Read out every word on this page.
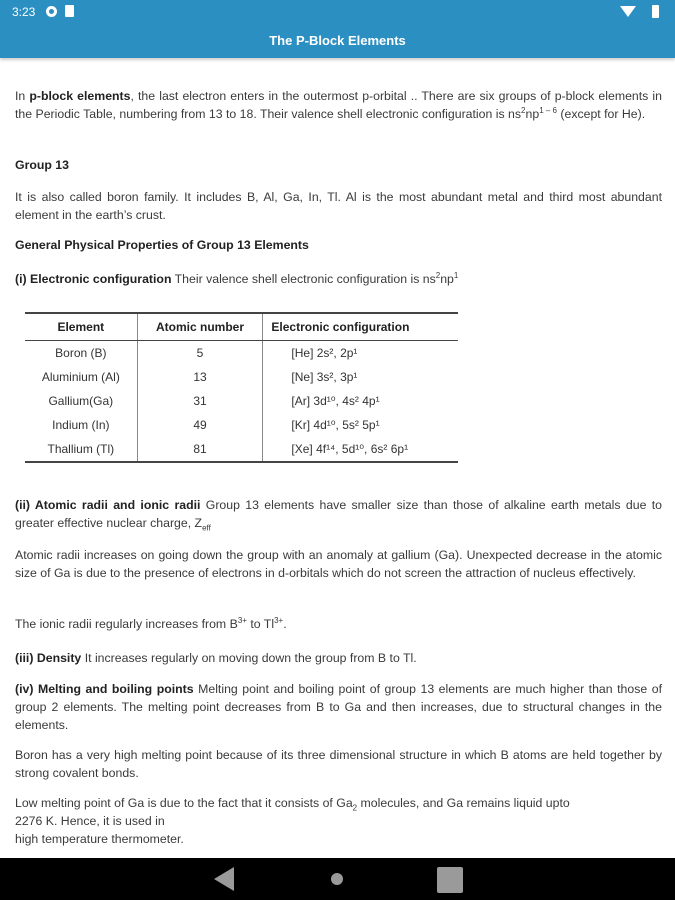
3:23
The P-Block Elements

In p-block elements, the last electron enters in the outermost p-orbital .. There are six groups of p-block elements in the Periodic Table, numbering from 13 to 18. Their valence shell electronic configuration is $ns^2np^{1 - 6}$ (except for He).

Group 13

It is also called boron family. It includes B, Al, Ga, In, Tl. Al is the most abundant metal and third most abundant element in the earth’s crust.

General Physical Properties of Group 13 Elements

(i) Electronic configuration Their valence shell electronic configuration is $ns^2np^1$

Element	Atomic number	Electronic configuration
Boron (B)	5	[He] 2s², 2p¹
Aluminium (Al)	13	[Ne] 3s², 3p¹
Gallium(Ga)	31	[Ar] 3d¹⁰, 4s² 4p¹
Indium (In)	49	[Kr] 4d¹⁰, 5s² 5p¹
Thallium (Tl)	81	[Xe] 4f¹⁴, 5d¹⁰, 6s² 6p¹

(ii) Atomic radii and ionic radii Group 13 elements have smaller size than those of alkaline earth metals due to greater effective nuclear charge, $Z_{eff}$

Atomic radii increases on going down the group with an anomaly at gallium (Ga). Unexpected decrease in the atomic size of Ga is due to the presence of electrons in d-orbitals which do not screen the attraction of nucleus effectively.

The ionic radii regularly increases from $B^{3+}$ to $Tl^{3+}$.

(iii) Density It increases regularly on moving down the group from B to Tl.

(iv) Melting and boiling points Melting point and boiling point of group 13 elements are much higher than those of group 2 elements. The melting point decreases from B to Ga and then increases, due to structural changes in the elements.

Boron has a very high melting point because of its three dimensional structure in which B atoms are held together by strong covalent bonds.

Low melting point of Ga is due to the fact that it consists of $Ga_2$ molecules, and Ga remains liquid upto
2276 K. Hence, it is used in
high temperature thermometer.
